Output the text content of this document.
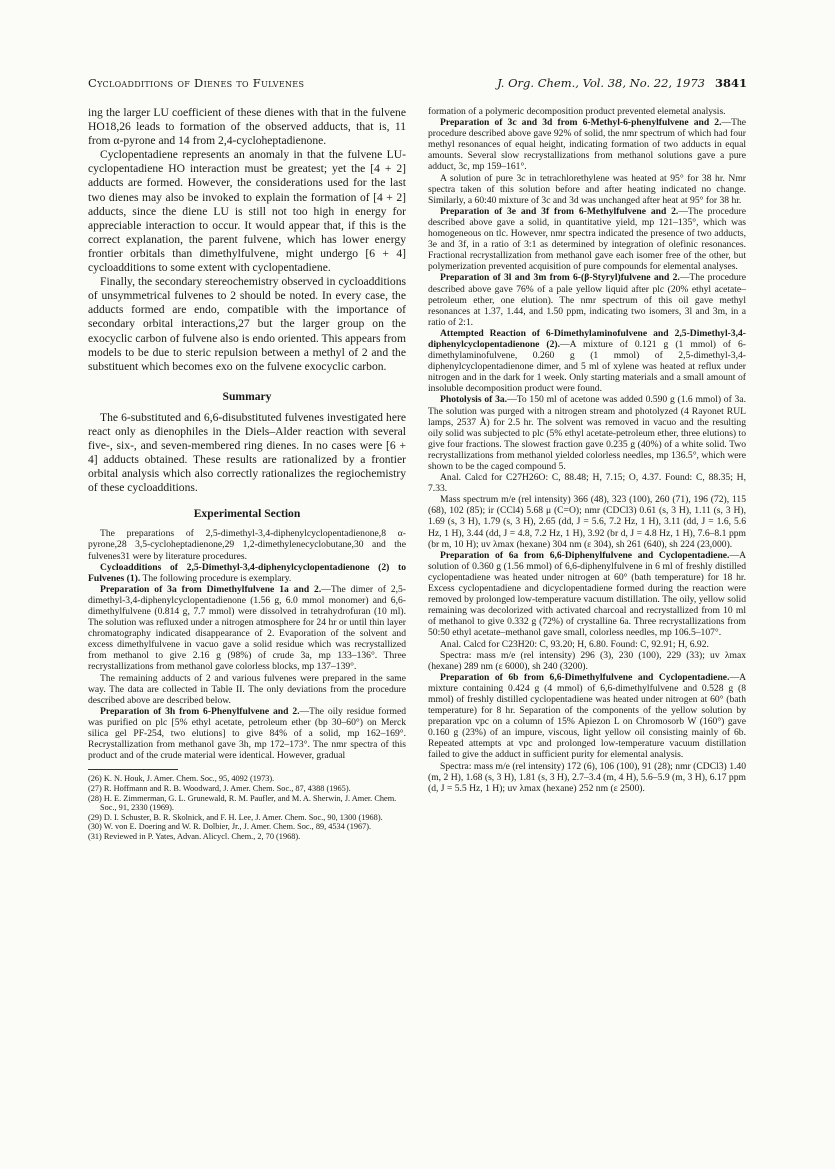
Cycloadditions of Dienes to Fulvenes	J. Org. Chem., Vol. 38, No. 22, 1973 3841

ing the larger LU coefficient of these dienes with that in the fulvene HO18,26 leads to formation of the observed adducts, that is, 11 from α-pyrone and 14 from 2,4-cycloheptadienone.

Cyclopentadiene represents an anomaly in that the fulvene LU-cyclopentadiene HO interaction must be greatest; yet the [4 + 2] adducts are formed. However, the considerations used for the last two dienes may also be invoked to explain the formation of [4 + 2] adducts, since the diene LU is still not too high in energy for appreciable interaction to occur. It would appear that, if this is the correct explanation, the parent fulvene, which has lower energy frontier orbitals than dimethylfulvene, might undergo [6 + 4] cycloadditions to some extent with cyclopentadiene.

Finally, the secondary stereochemistry observed in cycloadditions of unsymmetrical fulvenes to 2 should be noted. In every case, the adducts formed are endo, compatible with the importance of secondary orbital interactions,27 but the larger group on the exocyclic carbon of fulvene also is endo oriented. This appears from models to be due to steric repulsion between a methyl of 2 and the substituent which becomes exo on the fulvene exocyclic carbon.

Summary

The 6-substituted and 6,6-disubstituted fulvenes investigated here react only as dienophiles in the Diels–Alder reaction with several five-, six-, and seven-membered ring dienes. In no cases were [6 + 4] adducts obtained. These results are rationalized by a frontier orbital analysis which also correctly rationalizes the regiochemistry of these cycloadditions.

Experimental Section

The preparations of 2,5-dimethyl-3,4-diphenylcyclopentadienone,8 α-pyrone,28 3,5-cycloheptadienone,29 1,2-dimethylenecyclobutane,30 and the fulvenes31 were by literature procedures.

Cycloadditions of 2,5-Dimethyl-3,4-diphenylcyclopentadienone (2) to Fulvenes (1). The following procedure is exemplary.

Preparation of 3a from Dimethylfulvene 1a and 2.—The dimer of 2,5-dimethyl-3,4-diphenylcyclopentadienone (1.56 g, 6.0 mmol monomer) and 6,6-dimethylfulvene (0.814 g, 7.7 mmol) were dissolved in tetrahydrofuran (10 ml). The solution was refluxed under a nitrogen atmosphere for 24 hr or until thin layer chromatography indicated disappearance of 2. Evaporation of the solvent and excess dimethylfulvene in vacuo gave a solid residue which was recrystallized from methanol to give 2.16 g (98%) of crude 3a, mp 133–136°. Three recrystallizations from methanol gave colorless blocks, mp 137–139°.

The remaining adducts of 2 and various fulvenes were prepared in the same way. The data are collected in Table II. The only deviations from the procedure described above are described below.

Preparation of 3h from 6-Phenylfulvene and 2.—The oily residue formed was purified on plc [5% ethyl acetate, petroleum ether (bp 30–60°) on Merck silica gel PF-254, two elutions] to give 84% of a solid, mp 162–169°. Recrystallization from methanol gave 3h, mp 172–173°. The nmr spectra of this product and of the crude material were identical. However, gradual

(26) K. N. Houk, J. Amer. Chem. Soc., 95, 4092 (1973).

(27) R. Hoffmann and R. B. Woodward, J. Amer. Chem. Soc., 87, 4388 (1965).

(28) H. E. Zimmerman, G. L. Grunewald, R. M. Paufler, and M. A. Sherwin, J. Amer. Chem. Soc., 91, 2330 (1969).

(29) D. I. Schuster, B. R. Skolnick, and F. H. Lee, J. Amer. Chem. Soc., 90, 1300 (1968).

(30) W. von E. Doering and W. R. Dolbier, Jr., J. Amer. Chem. Soc., 89, 4534 (1967).

(31) Reviewed in P. Yates, Advan. Alicycl. Chem., 2, 70 (1968).

formation of a polymeric decomposition product prevented elemetal analysis.

Preparation of 3c and 3d from 6-Methyl-6-phenylfulvene and 2.—The procedure described above gave 92% of solid, the nmr spectrum of which had four methyl resonances of equal height, indicating formation of two adducts in equal amounts. Several slow recrystallizations from methanol solutions gave a pure adduct, 3c, mp 159–161°.

A solution of pure 3c in tetrachlorethylene was heated at 95° for 38 hr. Nmr spectra taken of this solution before and after heating indicated no change. Similarly, a 60:40 mixture of 3c and 3d was unchanged after heat at 95° for 38 hr.

Preparation of 3e and 3f from 6-Methylfulvene and 2.—The procedure described above gave a solid, in quantitative yield, mp 121–135°, which was homogeneous on tlc. However, nmr spectra indicated the presence of two adducts, 3e and 3f, in a ratio of 3:1 as determined by integration of olefinic resonances. Fractional recrystallization from methanol gave each isomer free of the other, but polymerization prevented acquisition of pure compounds for elemental analyses.

Preparation of 3l and 3m from 6-(β-Styryl)fulvene and 2.—The procedure described above gave 76% of a pale yellow liquid after plc (20% ethyl acetate–petroleum ether, one elution). The nmr spectrum of this oil gave methyl resonances at 1.37, 1.44, and 1.50 ppm, indicating two isomers, 3l and 3m, in a ratio of 2:1.

Attempted Reaction of 6-Dimethylaminofulvene and 2,5-Dimethyl-3,4-diphenylcyclopentadienone (2).—A mixture of 0.121 g (1 mmol) of 6-dimethylaminofulvene, 0.260 g (1 mmol) of 2,5-dimethyl-3,4-diphenylcyclopentadienone dimer, and 5 ml of xylene was heated at reflux under nitrogen and in the dark for 1 week. Only starting materials and a small amount of insoluble decomposition product were found.

Photolysis of 3a.—To 150 ml of acetone was added 0.590 g (1.6 mmol) of 3a. The solution was purged with a nitrogen stream and photolyzed (4 Rayonet RUL lamps, 2537 Å) for 2.5 hr. The solvent was removed in vacuo and the resulting oily solid was subjected to plc (5% ethyl acetate-petroleum ether, three elutions) to give four fractions. The slowest fraction gave 0.235 g (40%) of a white solid. Two recrystallizations from methanol yielded colorless needles, mp 136.5°, which were shown to be the caged compound 5.

Anal. Calcd for C27H26O: C, 88.48; H, 7.15; O, 4.37. Found: C, 88.35; H, 7.33.

Mass spectrum m/e (rel intensity) 366 (48), 323 (100), 260 (71), 196 (72), 115 (68), 102 (85); ir (CCl4) 5.68 μ (C=O); nmr (CDCl3) 0.61 (s, 3 H), 1.11 (s, 3 H), 1.69 (s, 3 H), 1.79 (s, 3 H), 2.65 (dd, J = 5.6, 7.2 Hz, 1 H), 3.11 (dd, J = 1.6, 5.6 Hz, 1 H), 3.44 (dd, J = 4.8, 7.2 Hz, 1 H), 3.92 (br d, J = 4.8 Hz, 1 H), 7.6–8.1 ppm (br m, 10 H); uv λmax (hexane) 304 nm (ε 304), sh 261 (640), sh 224 (23,000).

Preparation of 6a from 6,6-Diphenylfulvene and Cyclopentadiene.—A solution of 0.360 g (1.56 mmol) of 6,6-diphenylfulvene in 6 ml of freshly distilled cyclopentadiene was heated under nitrogen at 60° (bath temperature) for 18 hr. Excess cyclopentadiene and dicyclopentadiene formed during the reaction were removed by prolonged low-temperature vacuum distillation. The oily, yellow solid remaining was decolorized with activated charcoal and recrystallized from 10 ml of methanol to give 0.332 g (72%) of crystalline 6a. Three recrystallizations from 50:50 ethyl acetate–methanol gave small, colorless needles, mp 106.5–107°.

Anal. Calcd for C23H20: C, 93.20; H, 6.80. Found: C, 92.91; H, 6.92.

Spectra: mass m/e (rel intensity) 296 (3), 230 (100), 229 (33); uv λmax (hexane) 289 nm (ε 6000), sh 240 (3200).

Preparation of 6b from 6,6-Dimethylfulvene and Cyclopentadiene.—A mixture containing 0.424 g (4 mmol) of 6,6-dimethylfulvene and 0.528 g (8 mmol) of freshly distilled cyclopentadiene was heated under nitrogen at 60° (bath temperature) for 8 hr. Separation of the components of the yellow solution by preparation vpc on a column of 15% Apiezon L on Chromosorb W (160°) gave 0.160 g (23%) of an impure, viscous, light yellow oil consisting mainly of 6b. Repeated attempts at vpc and prolonged low-temperature vacuum distillation failed to give the adduct in sufficient purity for elemental analysis.

Spectra: mass m/e (rel intensity) 172 (6), 106 (100), 91 (28); nmr (CDCl3) 1.40 (m, 2 H), 1.68 (s, 3 H), 1.81 (s, 3 H), 2.7–3.4 (m, 4 H), 5.6–5.9 (m, 3 H), 6.17 ppm (d, J = 5.5 Hz, 1 H); uv λmax (hexane) 252 nm (ε 2500).
